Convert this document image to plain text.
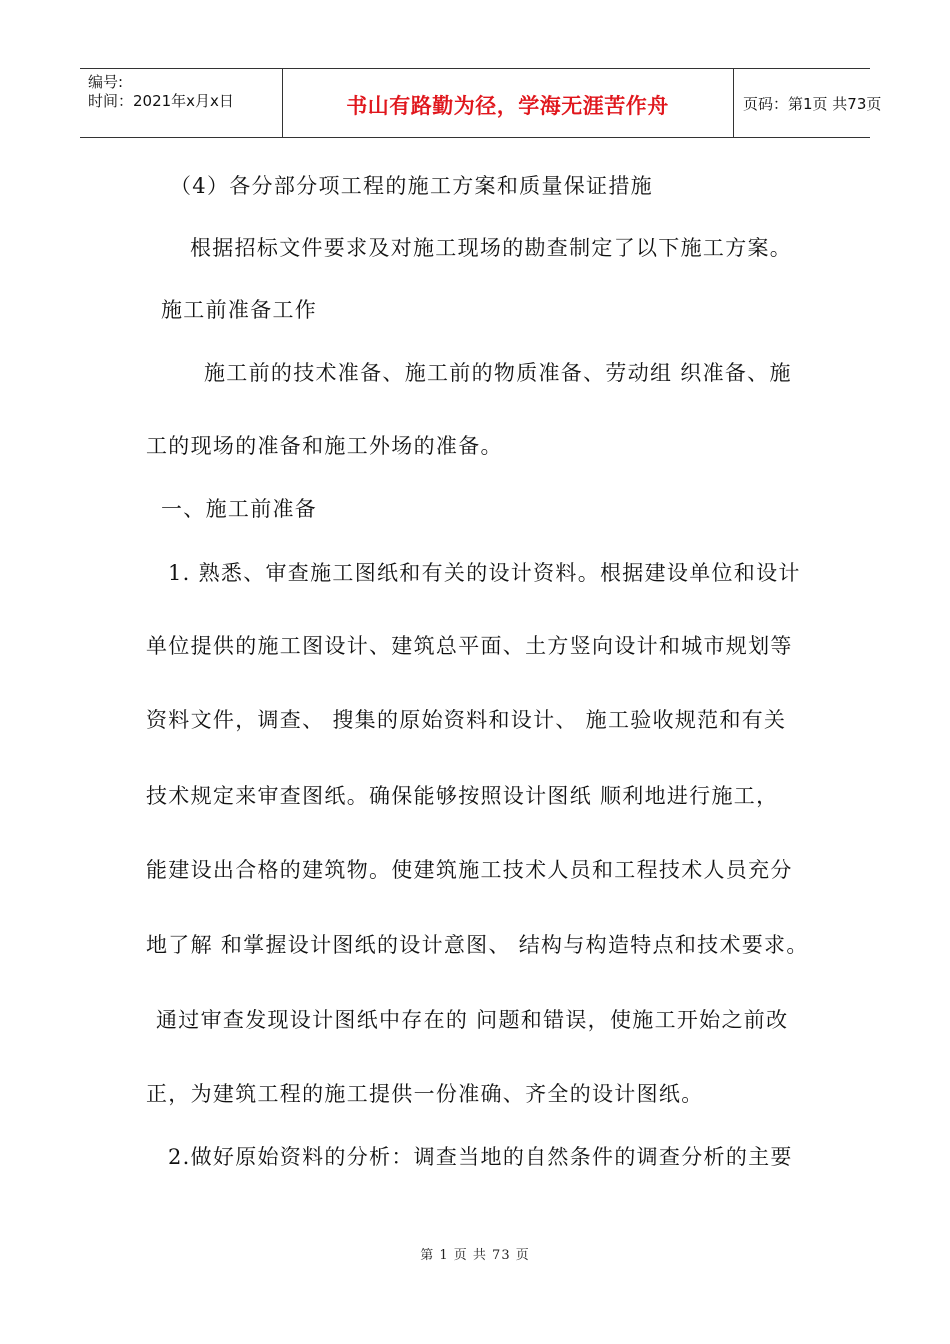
编号:
时间：2021年x月x日	书山有路勤为径，学海无涯苦作舟	页码：第1页 共73页
（4）各分部分项工程的施工方案和质量保证措施
根据招标文件要求及对施工现场的勘查制定了以下施工方案。
施工前准备工作
施工前的技术准备、施工前的物质准备、劳动组 织准备、施
工的现场的准备和施工外场的准备。
一、施工前准备
1. 熟悉、审查施工图纸和有关的设计资料。根据建设单位和设计
单位提供的施工图设计、建筑总平面、土方竖向设计和城市规划等
资料文件，调查、 搜集的原始资料和设计、 施工验收规范和有关
技术规定来审查图纸。确保能够按照设计图纸 顺利地进行施工，
能建设出合格的建筑物。使建筑施工技术人员和工程技术人员充分
地了解 和掌握设计图纸的设计意图、 结构与构造特点和技术要求。
通过审查发现设计图纸中存在的 问题和错误，使施工开始之前改
正，为建筑工程的施工提供一份准确、齐全的设计图纸。
2.做好原始资料的分析：调查当地的自然条件的调查分析的主要
第 1 页 共 73 页
